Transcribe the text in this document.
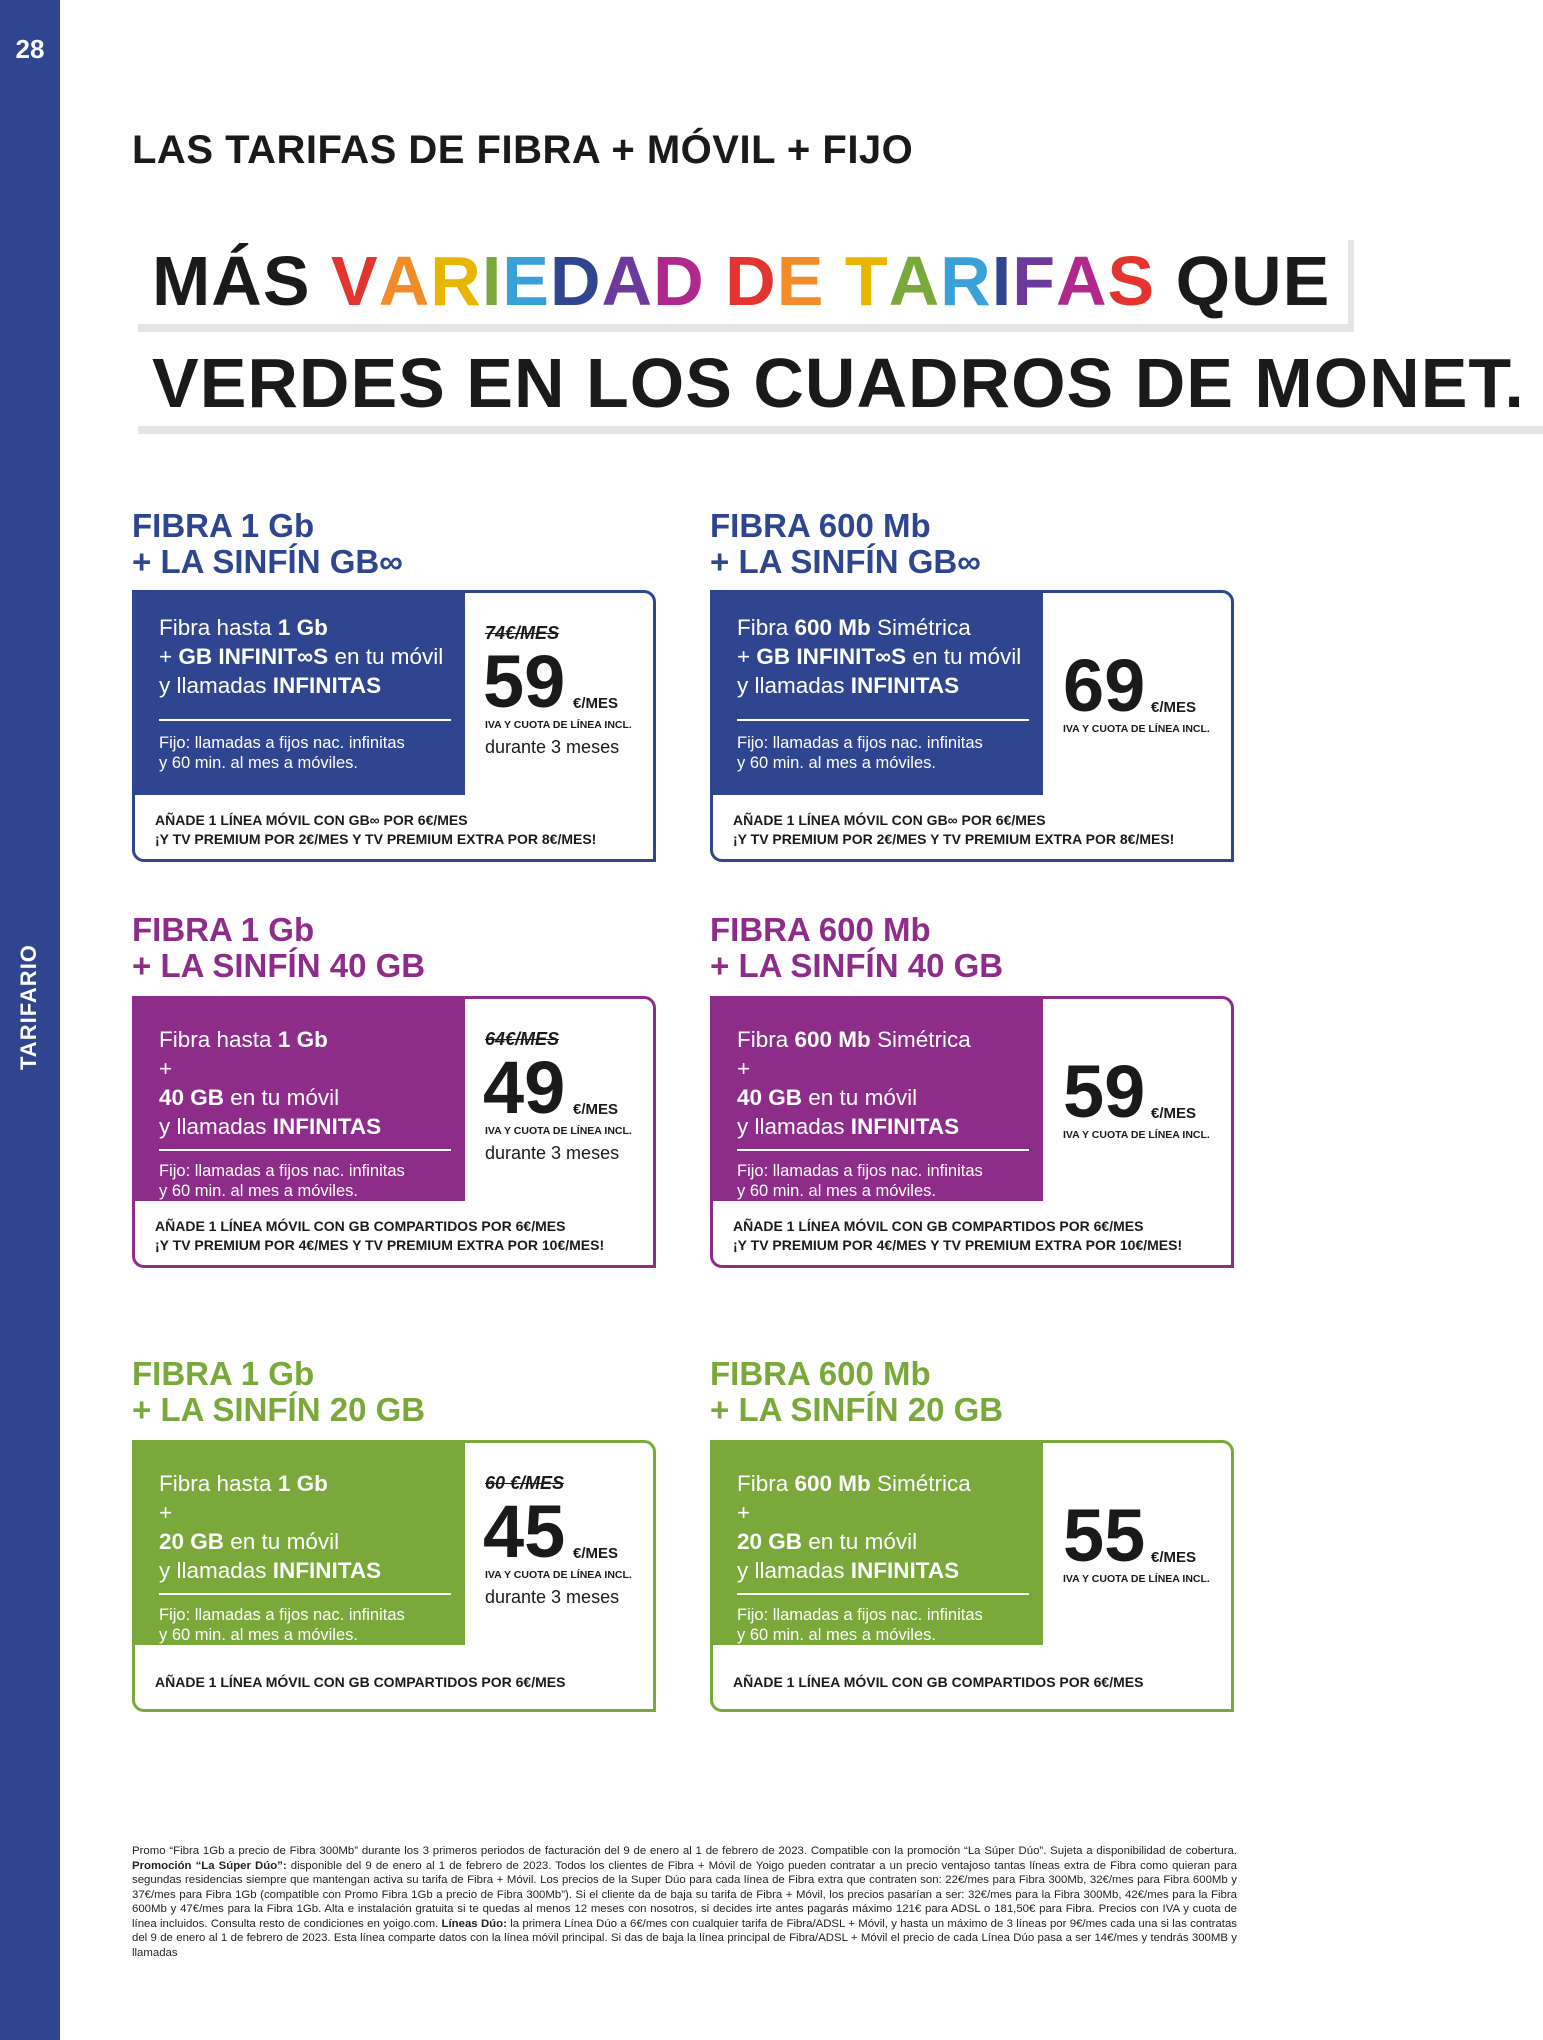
28
TARIFARIO
LAS TARIFAS DE FIBRA + MÓVIL + FIJO
MÁS VARIEDAD DE TARIFAS QUE
VERDES EN LOS CUADROS DE MONET.
FIBRA 1 Gb
+ LA SINFÍN GB∞
Fibra hasta 1 Gb
+ GB INFINIT∞S en tu móvil
y llamadas INFINITAS
Fijo: llamadas a fijos nac. infinitas
y 60 min. al mes a móviles.
74€/MES
59 €/MES
IVA Y CUOTA DE LÍNEA INCL.
durante 3 meses
AÑADE 1 LÍNEA MÓVIL CON GB∞ POR 6€/MES
¡Y TV PREMIUM POR 2€/MES Y TV PREMIUM EXTRA POR 8€/MES!
FIBRA 600 Mb
+ LA SINFÍN GB∞
Fibra 600 Mb Simétrica
+ GB INFINIT∞S en tu móvil
y llamadas INFINITAS
Fijo: llamadas a fijos nac. infinitas
y 60 min. al mes a móviles.
69 €/MES
IVA Y CUOTA DE LÍNEA INCL.
AÑADE 1 LÍNEA MÓVIL CON GB∞ POR 6€/MES
¡Y TV PREMIUM POR 2€/MES Y TV PREMIUM EXTRA POR 8€/MES!
FIBRA 1 Gb
+ LA SINFÍN 40 GB
Fibra hasta 1 Gb
+
40 GB en tu móvil
y llamadas INFINITAS
Fijo: llamadas a fijos nac. infinitas
y 60 min. al mes a móviles.
64€/MES
49 €/MES
IVA Y CUOTA DE LÍNEA INCL.
durante 3 meses
AÑADE 1 LÍNEA MÓVIL CON GB COMPARTIDOS POR 6€/MES
¡Y TV PREMIUM POR 4€/MES Y TV PREMIUM EXTRA POR 10€/MES!
FIBRA 600 Mb
+ LA SINFÍN 40 GB
Fibra 600 Mb Simétrica
+
40 GB en tu móvil
y llamadas INFINITAS
Fijo: llamadas a fijos nac. infinitas
y 60 min. al mes a móviles.
59 €/MES
IVA Y CUOTA DE LÍNEA INCL.
AÑADE 1 LÍNEA MÓVIL CON GB COMPARTIDOS POR 6€/MES
¡Y TV PREMIUM POR 4€/MES Y TV PREMIUM EXTRA POR 10€/MES!
FIBRA 1 Gb
+ LA SINFÍN 20 GB
Fibra hasta 1 Gb
+
20 GB en tu móvil
y llamadas INFINITAS
Fijo: llamadas a fijos nac. infinitas
y 60 min. al mes a móviles.
60 €/MES
45 €/MES
IVA Y CUOTA DE LÍNEA INCL.
durante 3 meses
AÑADE 1 LÍNEA MÓVIL CON GB COMPARTIDOS POR 6€/MES
FIBRA 600 Mb
+ LA SINFÍN 20 GB
Fibra 600 Mb Simétrica
+
20 GB en tu móvil
y llamadas INFINITAS
Fijo: llamadas a fijos nac. infinitas
y 60 min. al mes a móviles.
55 €/MES
IVA Y CUOTA DE LÍNEA INCL.
AÑADE 1 LÍNEA MÓVIL CON GB COMPARTIDOS POR 6€/MES
Promo “Fibra 1Gb a precio de Fibra 300Mb” durante los 3 primeros periodos de facturación del 9 de enero al 1 de febrero de 2023. Compatible con la promoción “La Súper Dúo”. Sujeta a disponibilidad de cobertura. Promoción “La Súper Dúo”: disponible del 9 de enero al 1 de febrero de 2023. Todos los clientes de Fibra + Móvil de Yoigo pueden contratar a un precio ventajoso tantas líneas extra de Fibra como quieran para segundas residencias siempre que mantengan activa su tarifa de Fibra + Móvil. Los precios de la Super Dúo para cada línea de Fibra extra que contraten son: 22€/mes para Fibra 300Mb, 32€/mes para Fibra 600Mb y 37€/mes para Fibra 1Gb (compatible con Promo Fibra 1Gb a precio de Fibra 300Mb”). Si el cliente da de baja su tarifa de Fibra + Móvil, los precios pasarían a ser: 32€/mes para la Fibra 300Mb, 42€/mes para la Fibra 600Mb y 47€/mes para la Fibra 1Gb. Alta e instalación gratuita si te quedas al menos 12 meses con nosotros, si decides irte antes pagarás máximo 121€ para ADSL o 181,50€ para Fibra. Precios con IVA y cuota de línea incluidos. Consulta resto de condiciones en yoigo.com. Líneas Dúo: la primera Línea Dúo a 6€/mes con cualquier tarifa de Fibra/ADSL + Móvil, y hasta un máximo de 3 líneas por 9€/mes cada una si las contratas del 9 de enero al 1 de febrero de 2023. Esta línea comparte datos con la línea móvil principal. Si das de baja la línea principal de Fibra/ADSL + Móvil el precio de cada Línea Dúo pasa a ser 14€/mes y tendrás 300MB y llamadas
